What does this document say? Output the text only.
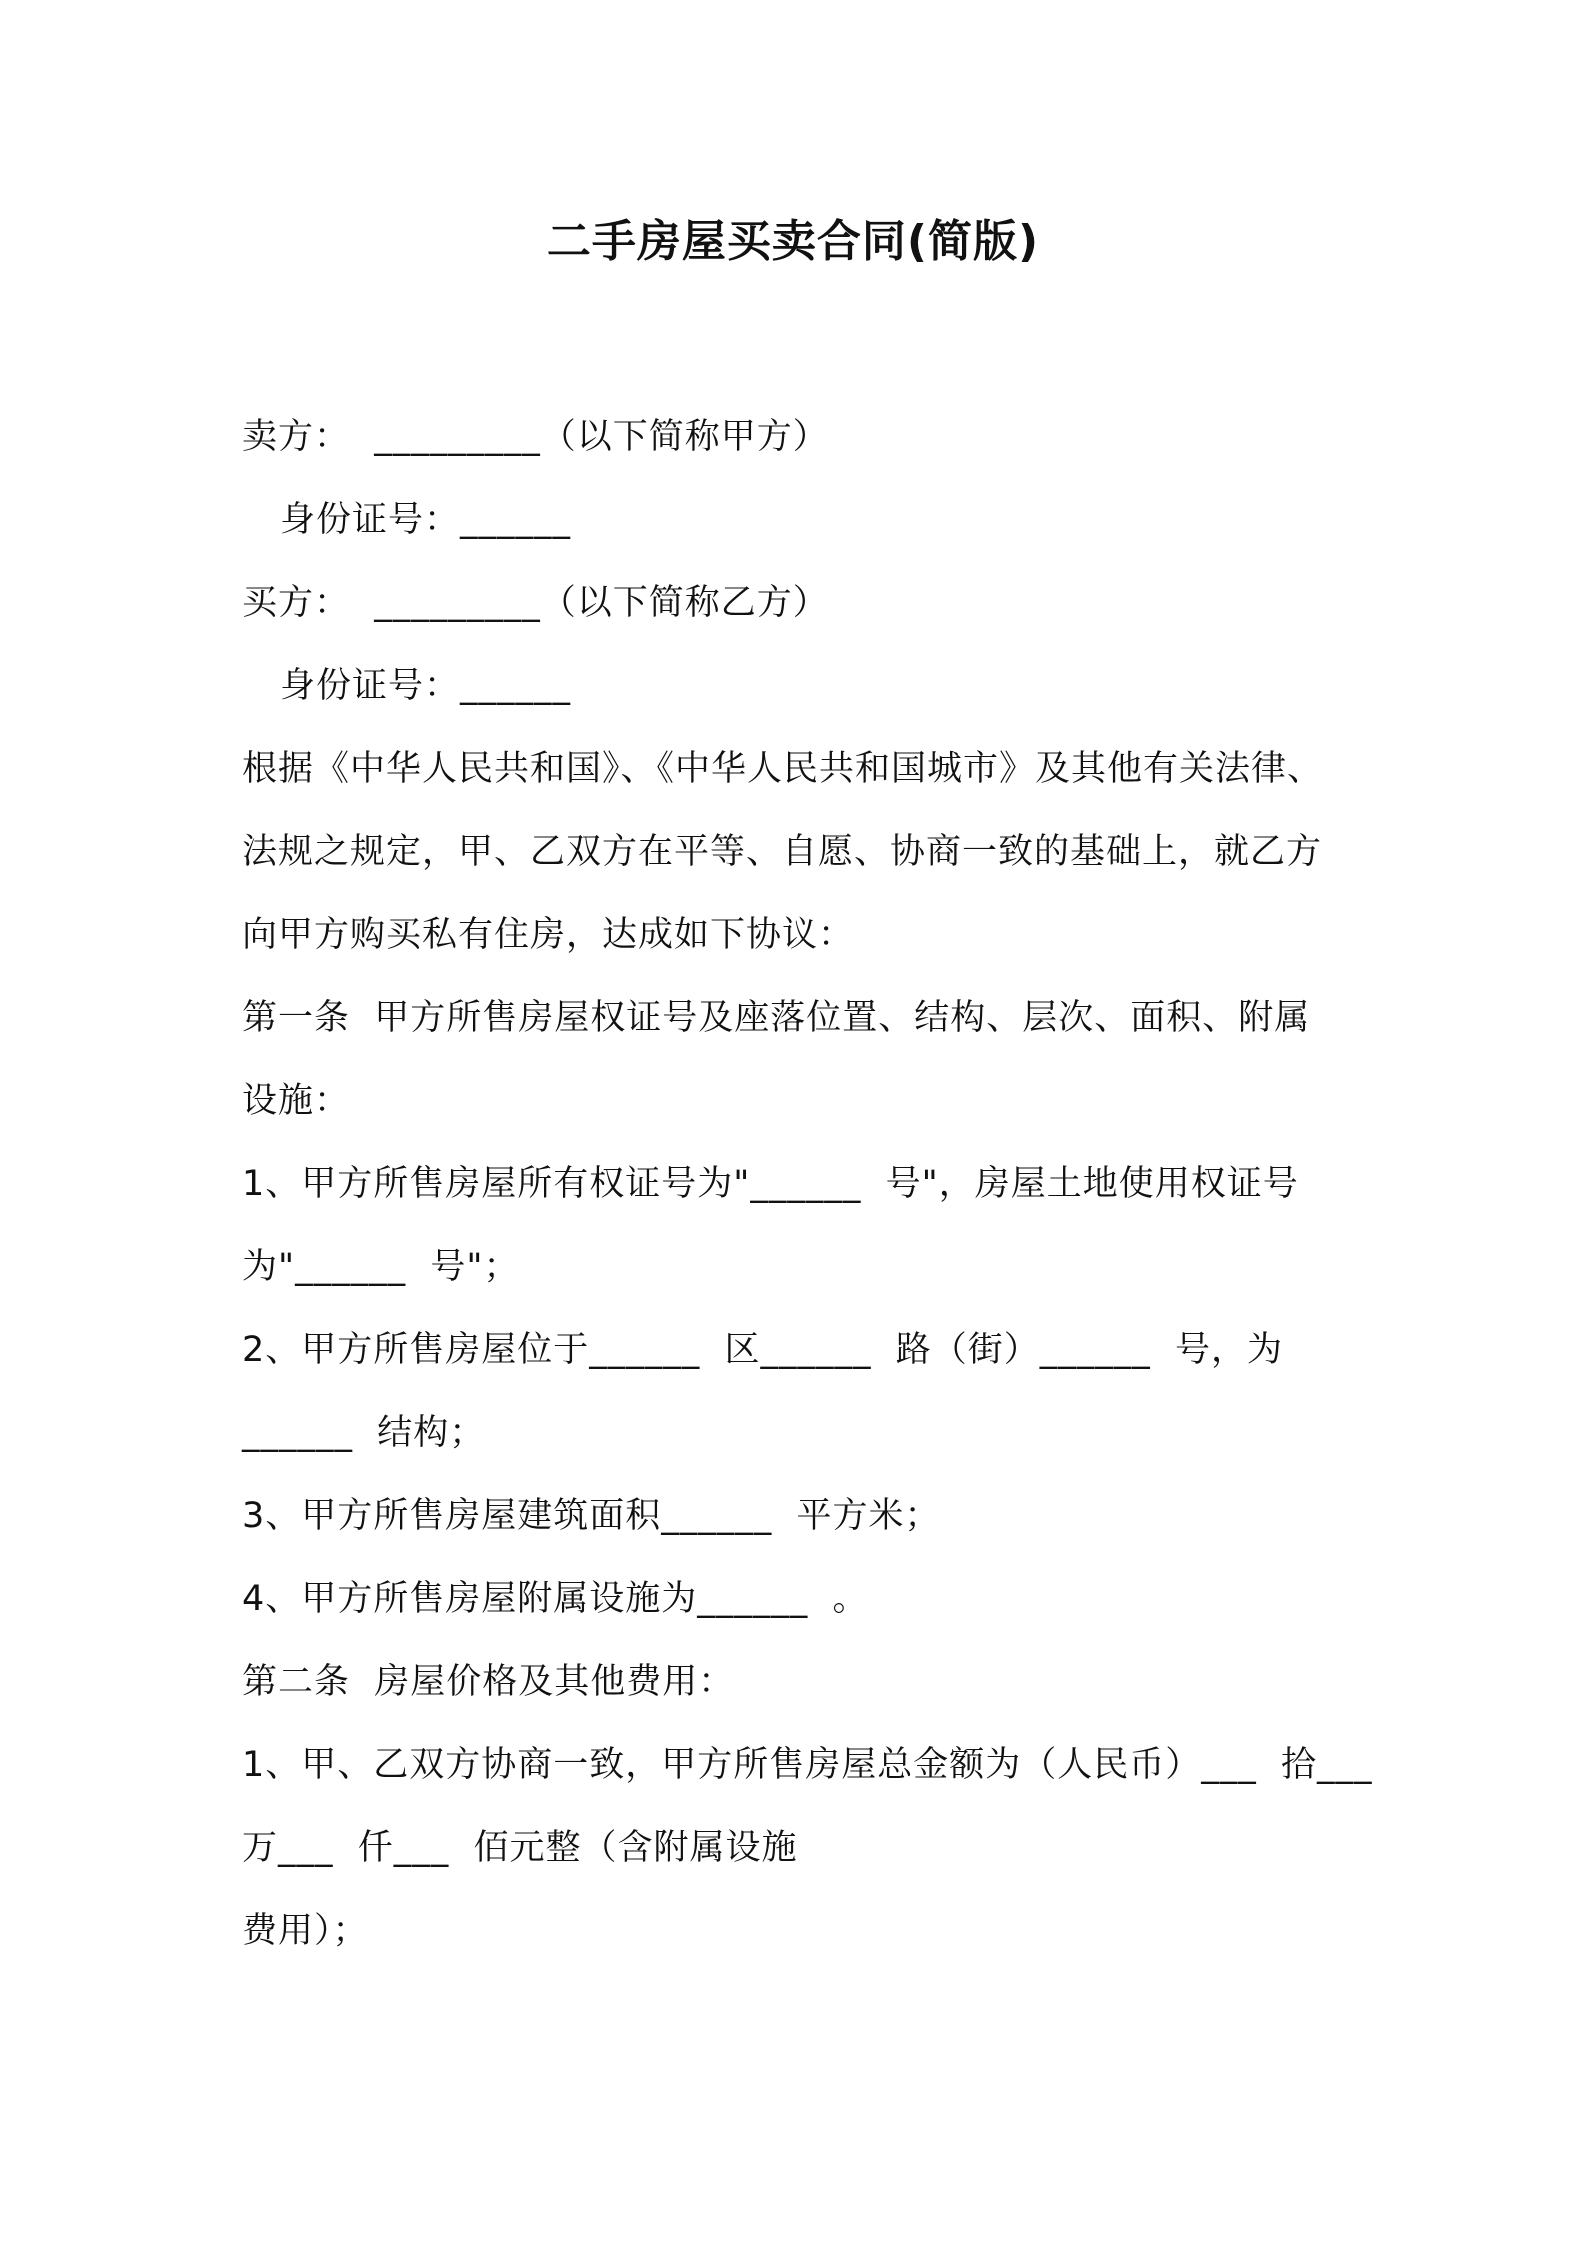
二手房屋买卖合同(简版)
卖方：  _________（以下简称甲方）
身份证号：______
买方：  _________（以下简称乙方）
身份证号：______
根据《中华人民共和国》、《中华人民共和国城市》及其他有关法律、
法规之规定，甲、乙双方在平等、自愿、协商一致的基础上，就乙方
向甲方购买私有住房，达成如下协议：
第一条  甲方所售房屋权证号及座落位置、结构、层次、面积、附属
设施：
1、甲方所售房屋所有权证号为"______  号"，房屋土地使用权证号
为"______  号"；
2、甲方所售房屋位于______  区______  路（街）______  号，为
______  结构；
3、甲方所售房屋建筑面积______  平方米；
4、甲方所售房屋附属设施为______  。
第二条  房屋价格及其他费用：
1、甲、乙双方协商一致，甲方所售房屋总金额为（人民币）___  拾___
万___  仟___  佰元整（含附属设施
费用）；
